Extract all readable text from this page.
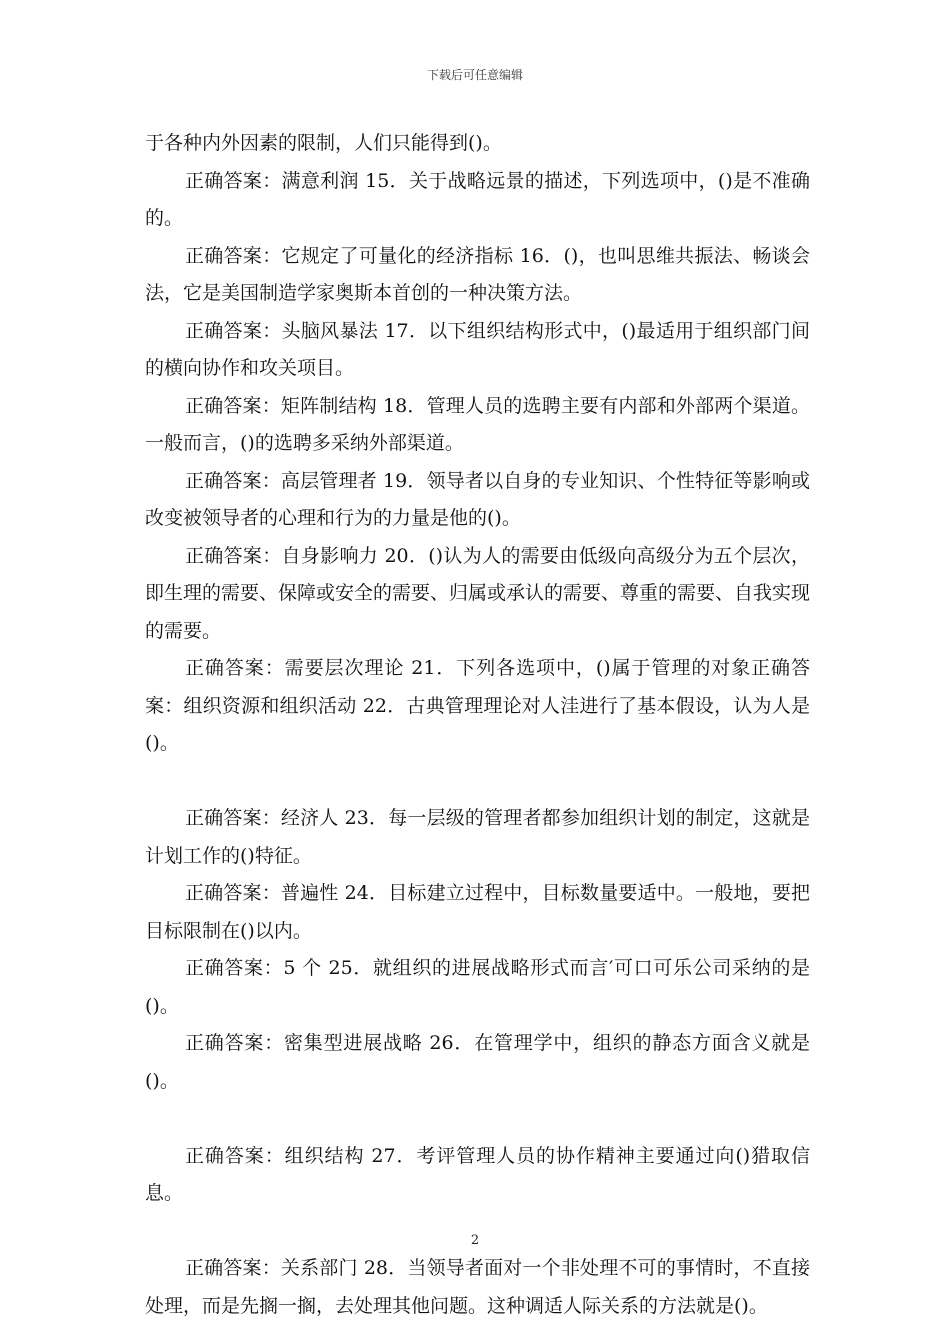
下载后可任意编辑

于各种内外因素的限制，人们只能得到()。

正确答案：满意利润 15．关于战略远景的描述，下列选项中，()是不准确的。

正确答案：它规定了可量化的经济指标 16．()，也叫思维共振法、畅谈会法，它是美国制造学家奥斯本首创的一种决策方法。

正确答案：头脑风暴法 17．以下组织结构形式中，()最适用于组织部门间的横向协作和攻关项目。

正确答案：矩阵制结构 18．管理人员的选聘主要有内部和外部两个渠道。一般而言，()的选聘多采纳外部渠道。

正确答案：高层管理者 19．领导者以自身的专业知识、个性特征等影响或改变被领导者的心理和行为的力量是他的()。

正确答案：自身影响力 20．()认为人的需要由低级向高级分为五个层次，即生理的需要、保障或安全的需要、归属或承认的需要、尊重的需要、自我实现的需要。

正确答案：需要层次理论 21．下列各选项中，()属于管理的对象正确答案：组织资源和组织活动 22．古典管理理论对人洼进行了基本假设，认为人是()。

正确答案：经济人 23．每一层级的管理者都参加组织计划的制定，这就是计划工作的()特征。

正确答案：普遍性 24．目标建立过程中，目标数量要适中。一般地，要把目标限制在()以内。

正确答案：5 个 25．就组织的进展战略形式而言′可口可乐公司采纳的是()。

正确答案：密集型进展战略 26．在管理学中，组织的静态方面含义就是()。

正确答案：组织结构 27．考评管理人员的协作精神主要通过向()猎取信息。

正确答案：关系部门 28．当领导者面对一个非处理不可的事情时，不直接处理，而是先搁一搁，去处理其他问题。这种调适人际关系的方法就是()。

2
